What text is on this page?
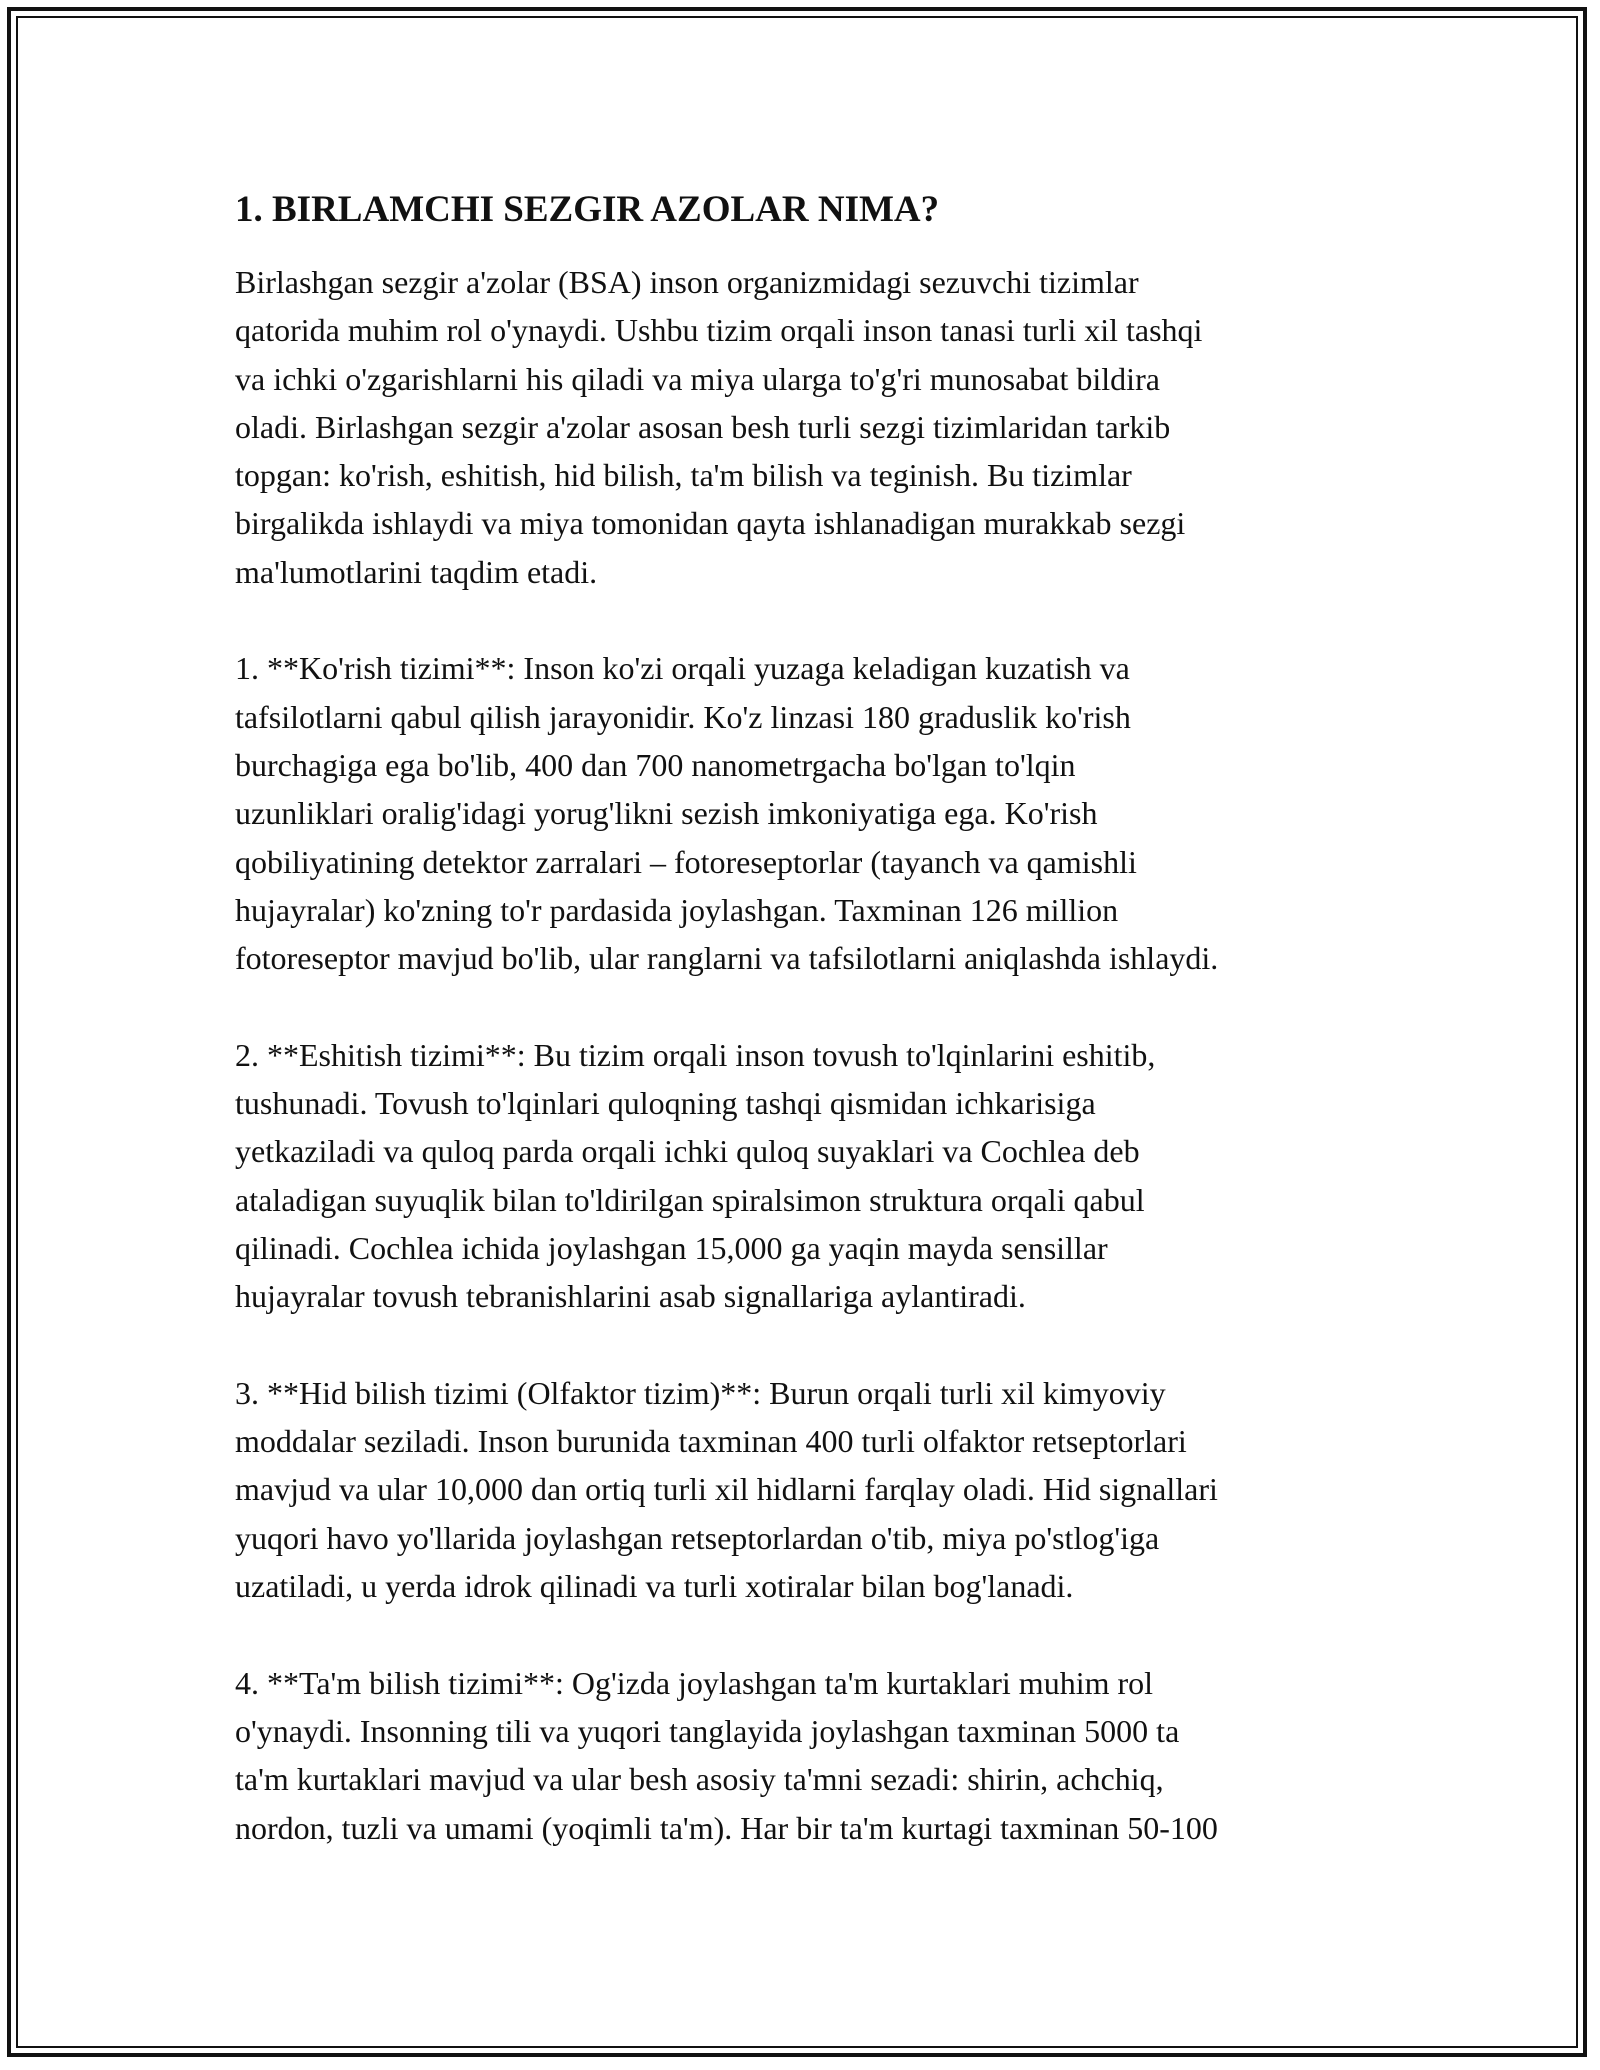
1. BIRLAMCHI SEZGIR AZOLAR NIMA?

Birlashgan sezgir a'zolar (BSA) inson organizmidagi sezuvchi tizimlar
qatorida muhim rol o'ynaydi. Ushbu tizim orqali inson tanasi turli xil tashqi
va ichki o'zgarishlarni his qiladi va miya ularga to'g'ri munosabat bildira
oladi. Birlashgan sezgir a'zolar asosan besh turli sezgi tizimlaridan tarkib
topgan: ko'rish, eshitish, hid bilish, ta'm bilish va teginish. Bu tizimlar
birgalikda ishlaydi va miya tomonidan qayta ishlanadigan murakkab sezgi
ma'lumotlarini taqdim etadi.

1. **Ko'rish tizimi**: Inson ko'zi orqali yuzaga keladigan kuzatish va
tafsilotlarni qabul qilish jarayonidir. Ko'z linzasi 180 graduslik ko'rish
burchagiga ega bo'lib, 400 dan 700 nanometrgacha bo'lgan to'lqin
uzunliklari oralig'idagi yorug'likni sezish imkoniyatiga ega. Ko'rish
qobiliyatining detektor zarralari – fotoreseptorlar (tayanch va qamishli
hujayralar) ko'zning to'r pardasida joylashgan. Taxminan 126 million
fotoreseptor mavjud bo'lib, ular ranglarni va tafsilotlarni aniqlashda ishlaydi.

2. **Eshitish tizimi**: Bu tizim orqali inson tovush to'lqinlarini eshitib,
tushunadi. Tovush to'lqinlari quloqning tashqi qismidan ichkarisiga
yetkaziladi va quloq parda orqali ichki quloq suyaklari va Cochlea deb
ataladigan suyuqlik bilan to'ldirilgan spiralsimon struktura orqali qabul
qilinadi. Cochlea ichida joylashgan 15,000 ga yaqin mayda sensillar
hujayralar tovush tebranishlarini asab signallariga aylantiradi.

3. **Hid bilish tizimi (Olfaktor tizim)**: Burun orqali turli xil kimyoviy
moddalar seziladi. Inson burunida taxminan 400 turli olfaktor retseptorlari
mavjud va ular 10,000 dan ortiq turli xil hidlarni farqlay oladi. Hid signallari
yuqori havo yo'llarida joylashgan retseptorlardan o'tib, miya po'stlog'iga
uzatiladi, u yerda idrok qilinadi va turli xotiralar bilan bog'lanadi.

4. **Ta'm bilish tizimi**: Og'izda joylashgan ta'm kurtaklari muhim rol
o'ynaydi. Insonning tili va yuqori tanglayida joylashgan taxminan 5000 ta
ta'm kurtaklari mavjud va ular besh asosiy ta'mni sezadi: shirin, achchiq,
nordon, tuzli va umami (yoqimli ta'm). Har bir ta'm kurtagi taxminan 50-100
